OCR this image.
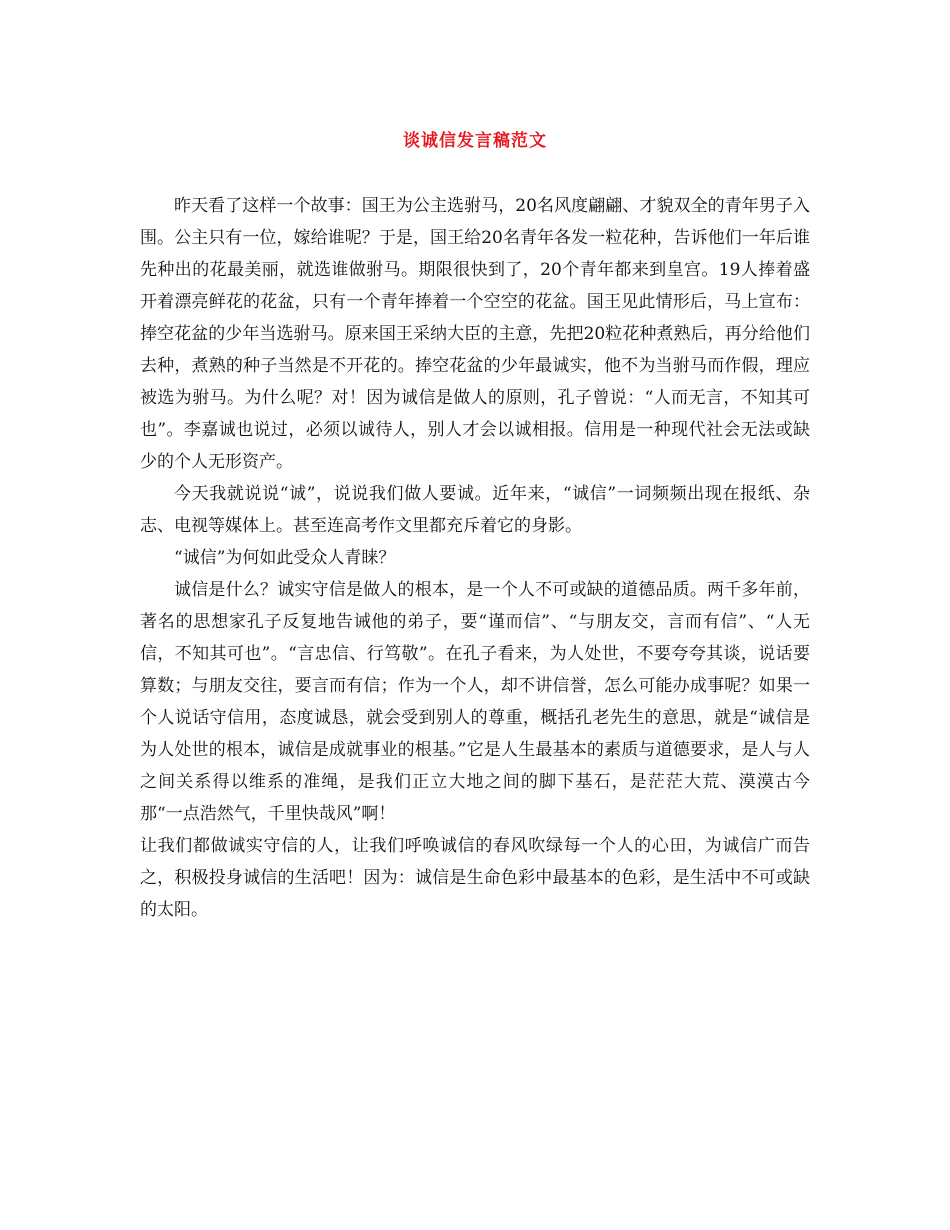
谈诚信发言稿范文

昨天看了这样一个故事：国王为公主选驸马，20名风度翩翩、才貌双全的青年男子入围。公主只有一位，嫁给谁呢？于是，国王给20名青年各发一粒花种，告诉他们一年后谁先种出的花最美丽，就选谁做驸马。期限很快到了，20个青年都来到皇宫。19人捧着盛开着漂亮鲜花的花盆，只有一个青年捧着一个空空的花盆。国王见此情形后，马上宣布：捧空花盆的少年当选驸马。原来国王采纳大臣的主意，先把20粒花种煮熟后，再分给他们去种，煮熟的种子当然是不开花的。捧空花盆的少年最诚实，他不为当驸马而作假，理应被选为驸马。为什么呢？对！因为诚信是做人的原则，孔子曾说：“人而无言，不知其可也”。李嘉诚也说过，必须以诚待人，别人才会以诚相报。信用是一种现代社会无法或缺少的个人无形资产。

今天我就说说“诚”，说说我们做人要诚。近年来，“诚信”一词频频出现在报纸、杂志、电视等媒体上。甚至连高考作文里都充斥着它的身影。

“诚信”为何如此受众人青睐？

诚信是什么？诚实守信是做人的根本，是一个人不可或缺的道德品质。两千多年前，著名的思想家孔子反复地告诫他的弟子，要“谨而信”、“与朋友交，言而有信”、“人无信，不知其可也”。“言忠信、行笃敬”。在孔子看来，为人处世，不要夸夸其谈，说话要算数；与朋友交往，要言而有信；作为一个人，却不讲信誉，怎么可能办成事呢？如果一个人说话守信用，态度诚恳，就会受到别人的尊重，概括孔老先生的意思，就是“诚信是为人处世的根本，诚信是成就事业的根基。”它是人生最基本的素质与道德要求，是人与人之间关系得以维系的准绳，是我们正立大地之间的脚下基石，是茫茫大荒、漠漠古今那“一点浩然气，千里快哉风”啊！

让我们都做诚实守信的人，让我们呼唤诚信的春风吹绿每一个人的心田，为诚信广而告之，积极投身诚信的生活吧！因为：诚信是生命色彩中最基本的色彩，是生活中不可或缺的太阳。
